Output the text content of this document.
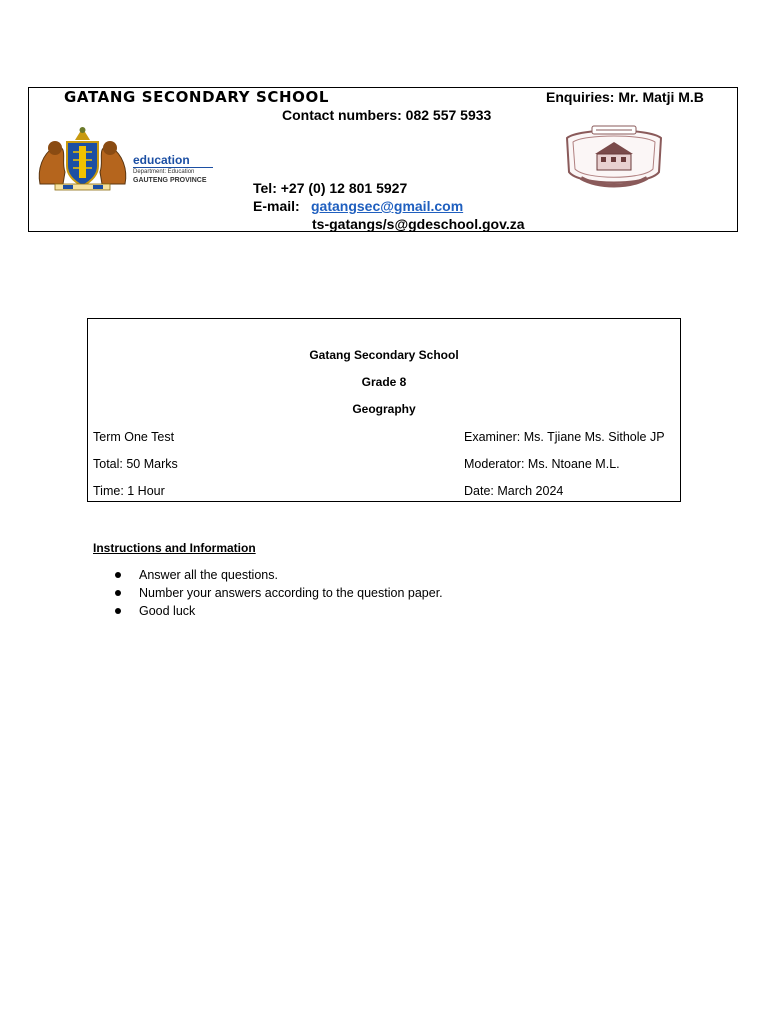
GATANG SECONDARY SCHOOL	Enquiries: Mr. Matji M.B
Contact numbers: 082 557 5933
education
Department: Education
GAUTENG PROVINCE	Tel: +27 (0) 12 801 5927
E-mail: gatangsec@gmail.com
ts-gatangs/s@gdeschool.gov.za
Gatang Secondary School
Grade 8
Geography
Term One Test
Total: 50 Marks
Time: 1 Hour
Examiner: Ms. Tjiane Ms. Sithole JP
Moderator: Ms. Ntoane M.L.
Date: March 2024
Instructions and Information
Answer all the questions.
Number your answers according to the question paper.
Good luck
